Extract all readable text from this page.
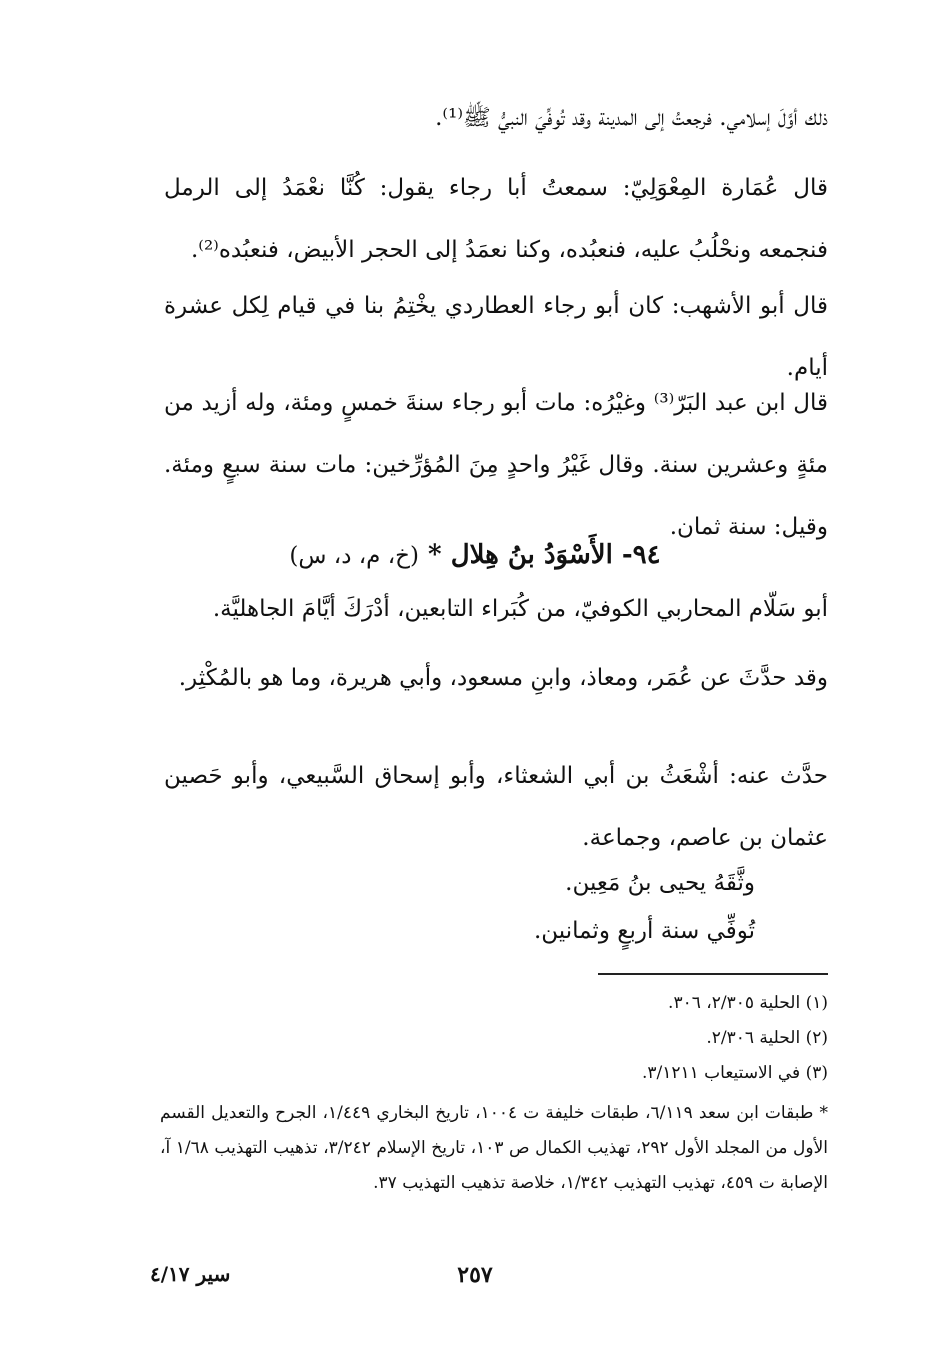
ذلك أوَّلَ إسلامي. فرجعتُ إلى المدينة وقد تُوفِّيَ النبيُّ ﷺ⁽¹⁾.
قال عُمَارة المِعْوَلِيّ: سمعتُ أبا رجاء يقول: كُنَّا نعْمَدُ إلى الرمل فنجمعه ونحْلُبُ عليه، فنعبُده، وكنا نعمَدُ إلى الحجر الأبيض، فنعبُده⁽²⁾.
قال أبو الأشهب: كان أبو رجاء العطاردي يخْتِمُ بنا في قيام لِكل عشرة أيام.
قال ابن عبد البَرّ⁽³⁾ وغيْرُه: مات أبو رجاء سنةَ خمسٍ ومئة، وله أزيد من مئةٍ وعشرين سنة. وقال غَيْرُ واحدٍ مِنَ المُؤرِّخين: مات سنة سبعٍ ومئة. وقيل: سنة ثمان.
٩٤- الأَسْوَدُ بنُ هِلال * (خ، م، د، س)
أبو سَلّام المحاربي الكوفيّ، من كُبَراء التابعين، أدْرَكَ أيَّامَ الجاهليَّة.
وقد حدَّثَ عن عُمَر، ومعاذ، وابنِ مسعود، وأبي هريرة، وما هو بالمُكْثِر.
حدَّث عنه: أشْعَثُ بن أبي الشعثاء، وأبو إسحاق السَّبيعي، وأبو حَصين عثمان بن عاصم، وجماعة.
وثَّقَهُ يحيى بنُ مَعِين.
تُوفِّي سنة أربعٍ وثمانين.
(١) الحلية ٢/٣٠٥، ٣٠٦.
(٢) الحلية ٢/٣٠٦.
(٣) في الاستيعاب ٣/١٢١١.
* طبقات ابن سعد ٦/١١٩، طبقات خليفة ت ١٠٠٤، تاريخ البخاري ١/٤٤٩، الجرح والتعديل القسم الأول من المجلد الأول ٢٩٢، تهذيب الكمال ص ١٠٣، تاريخ الإسلام ٣/٢٤٢، تذهيب التهذيب ١/٦٨ آ، الإصابة ت ٤٥٩، تهذيب التهذيب ١/٣٤٢، خلاصة تذهيب التهذيب ٣٧.
٢٥٧
سير ٤/١٧
